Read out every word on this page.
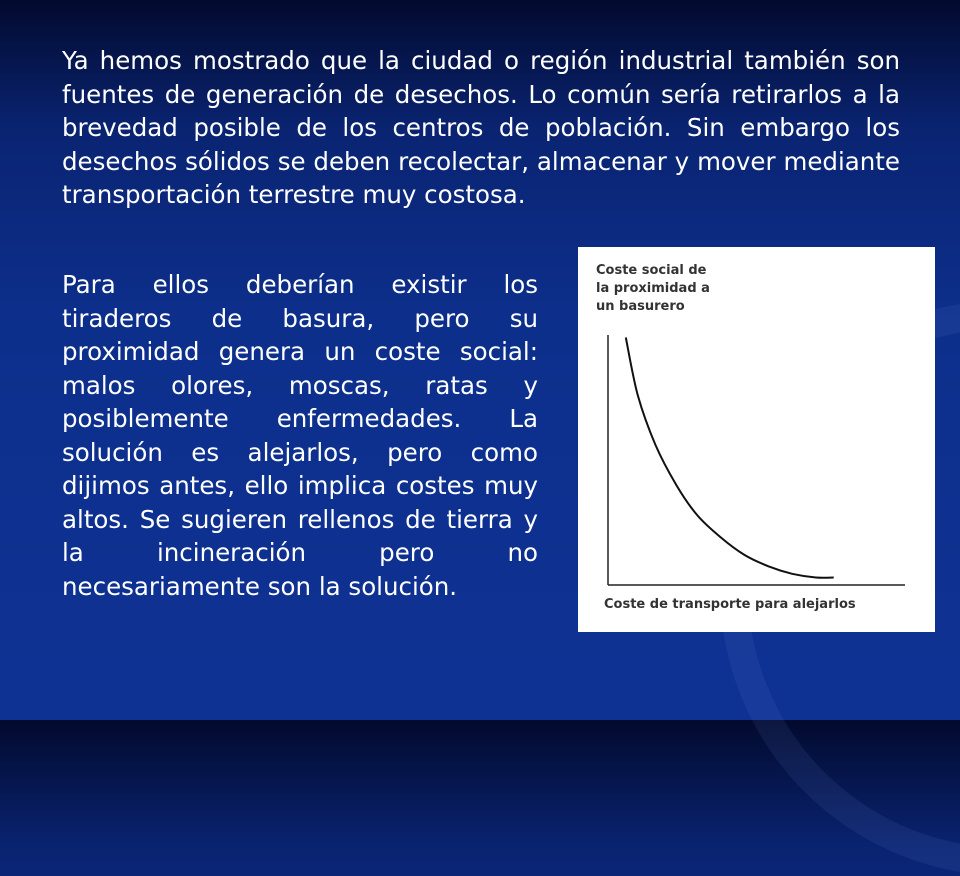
Ya hemos mostrado que la ciudad o región industrial también son fuentes de generación de desechos. Lo común sería retirarlos a la brevedad posible de los centros de población. Sin embargo los desechos sólidos se deben recolectar, almacenar y mover mediante transportación terrestre muy costosa.

Para ellos deberían existir los tiraderos de basura, pero su proximidad genera un coste social: malos olores, moscas, ratas y posiblemente enfermedades. La solución es alejarlos, pero como dijimos antes, ello implica costes muy altos. Se sugieren rellenos de tierra y la incineración pero no necesariamente son la solución.

Coste social de
la proximidad a
un basurero
Coste de transporte para alejarlos
